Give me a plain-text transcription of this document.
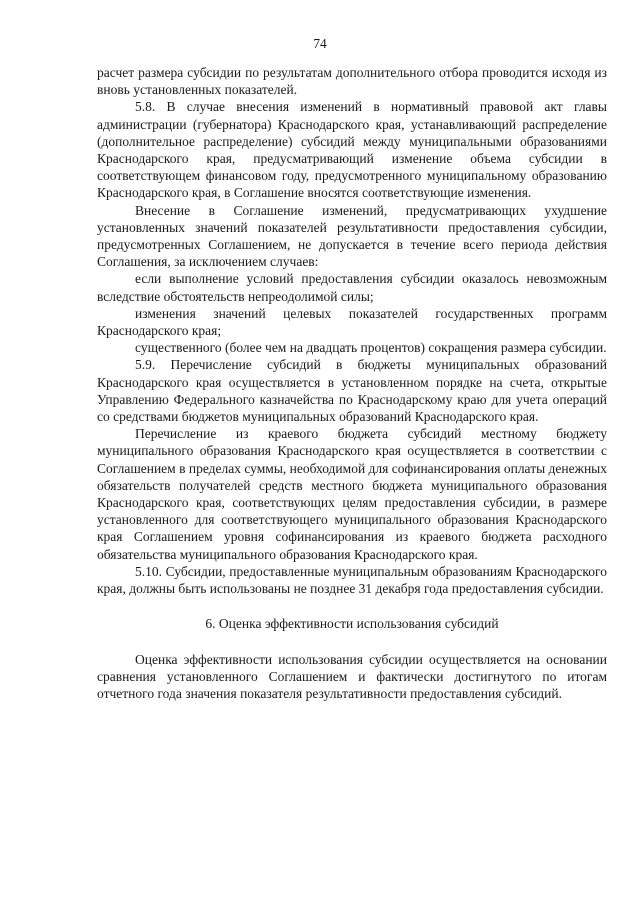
74

расчет размера субсидии по результатам дополнительного отбора проводится исходя из вновь установленных показателей.

5.8. В случае внесения изменений в нормативный правовой акт главы администрации (губернатора) Краснодарского края, устанавливающий распределение (дополнительное распределение) субсидий между муниципальными образованиями Краснодарского края, предусматривающий изменение объема субсидии в соответствующем финансовом году, предусмотренного муниципальному образованию Краснодарского края, в Соглашение вносятся соответствующие изменения.

Внесение в Соглашение изменений, предусматривающих ухудшение установленных значений показателей результативности предоставления субсидии, предусмотренных Соглашением, не допускается в течение всего периода действия Соглашения, за исключением случаев:

если выполнение условий предоставления субсидии оказалось невозможным вследствие обстоятельств непреодолимой силы;

изменения значений целевых показателей государственных программ Краснодарского края;

существенного (более чем на двадцать процентов) сокращения размера субсидии.

5.9. Перечисление субсидий в бюджеты муниципальных образований Краснодарского края осуществляется в установленном порядке на счета, открытые Управлению Федерального казначейства по Краснодарскому краю для учета операций со средствами бюджетов муниципальных образований Краснодарского края.

Перечисление из краевого бюджета субсидий местному бюджету муниципального образования Краснодарского края осуществляется в соответствии с Соглашением в пределах суммы, необходимой для софинансирования оплаты денежных обязательств получателей средств местного бюджета муниципального образования Краснодарского края, соответствующих целям предоставления субсидии, в размере установленного для соответствующего муниципального образования Краснодарского края Соглашением уровня софинансирования из краевого бюджета расходного обязательства муниципального образования Краснодарского края.

5.10. Субсидии, предоставленные муниципальным образованиям Краснодарского края, должны быть использованы не позднее 31 декабря года предоставления субсидии.

6. Оценка эффективности использования субсидий

Оценка эффективности использования субсидии осуществляется на основании сравнения установленного Соглашением и фактически достигнутого по итогам отчетного года значения показателя результативности предоставления субсидий.
